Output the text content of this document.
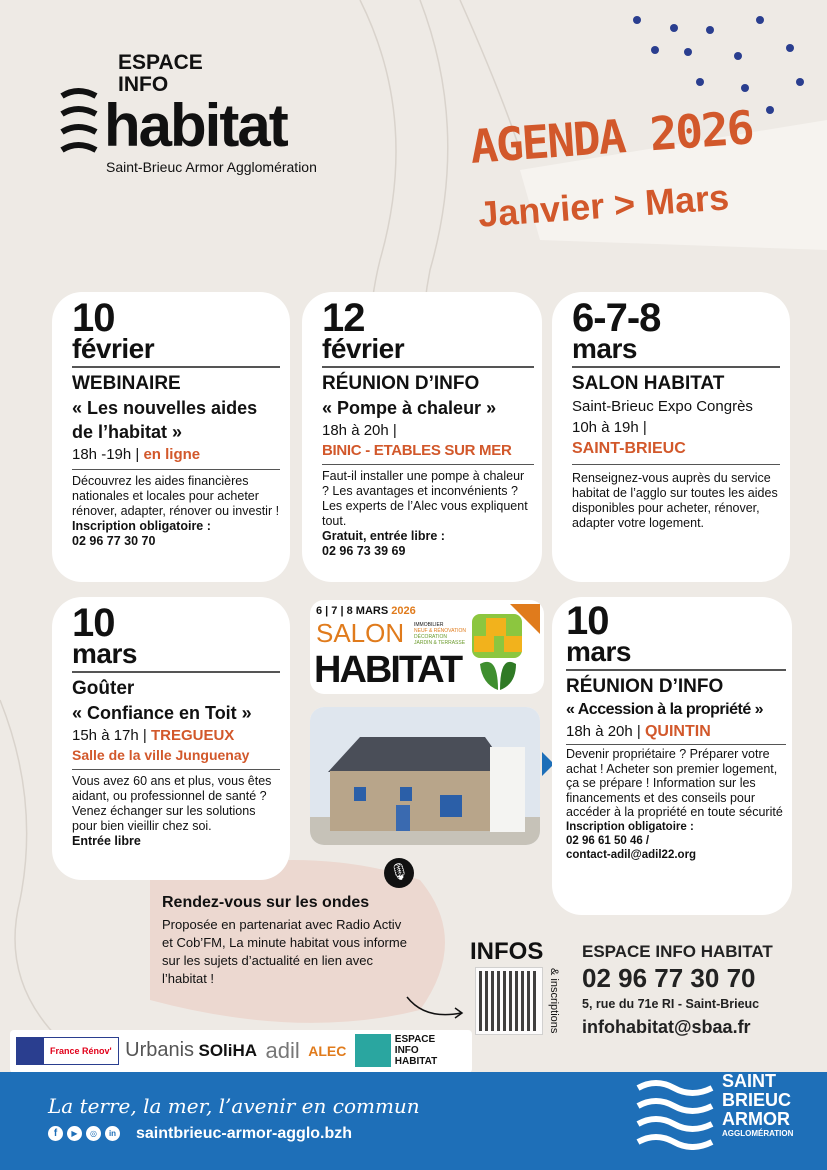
ESPACE
INFO
habitat
Saint-Brieuc Armor Agglomération	AGENDA 2026
Janvier > Mars
10
février
WEBINAIRE
« Les nouvelles aides de l’habitat »
18h -19h | en ligne
Découvrez les aides financières nationales et locales pour acheter rénover, adapter, rénover ou investir !
Inscription obligatoire :
02 96 77 30 70
12
février
RÉUNION D’INFO
« Pompe à chaleur »
18h à 20h |
BINIC - ETABLES SUR MER
Faut-il installer une pompe à chaleur ? Les avantages et inconvénients ? Les experts de l’Alec vous expliquent tout.
Gratuit, entrée libre :
02 96 73 39 69
6-7-8
mars
SALON HABITAT
Saint-Brieuc Expo Congrès
10h à 19h |
SAINT-BRIEUC
Renseignez-vous auprès du service habitat de l’agglo sur toutes les aides disponibles pour acheter, rénover, adapter votre logement.
10
mars
Goûter
« Confiance en Toit »
15h à 17h | TREGUEUX
Salle de la ville Junguenay
Vous avez 60 ans et plus, vous êtes aidant, ou professionnel de santé ? Venez échanger sur les solutions pour bien vieillir chez soi.
Entrée libre
6 | 7 | 8 MARS 2026
SALON
HABITAT
IMMOBILIER
NEUF & RÉNOVATION
DÉCORATION
JARDIN & TERRASSE	10
mars
RÉUNION D’INFO
« Accession à la propriété »
18h à 20h | QUINTIN
Devenir propriétaire ? Préparer votre achat ! Acheter son premier logement, ça se prépare ! Information sur les financements et des conseils pour accéder à la propriété en toute sécurité
Inscription obligatoire :
02 96 61 50 46 /
contact-adil@adil22.org
🎙
Rendez-vous sur les ondes
Proposée en partenariat avec Radio Activ et Cob’FM, La minute habitat vous informe sur les sujets d’actualité en lien avec l’habitat !
INFOS
& inscriptions
ESPACE INFO HABITAT
02 96 77 30 70
5, rue du 71e RI - Saint-Brieuc
infohabitat@sbaa.fr
France Rénov' Urbanis SOliHA adil ALEC ESPACE INFO HABITAT
La terre, la mer, l’avenir en commun
f	▶	◎	in saintbrieuc-armor-agglo.bzh
SAINT
BRIEUC
ARMOR
AGGLOMÉRATION
